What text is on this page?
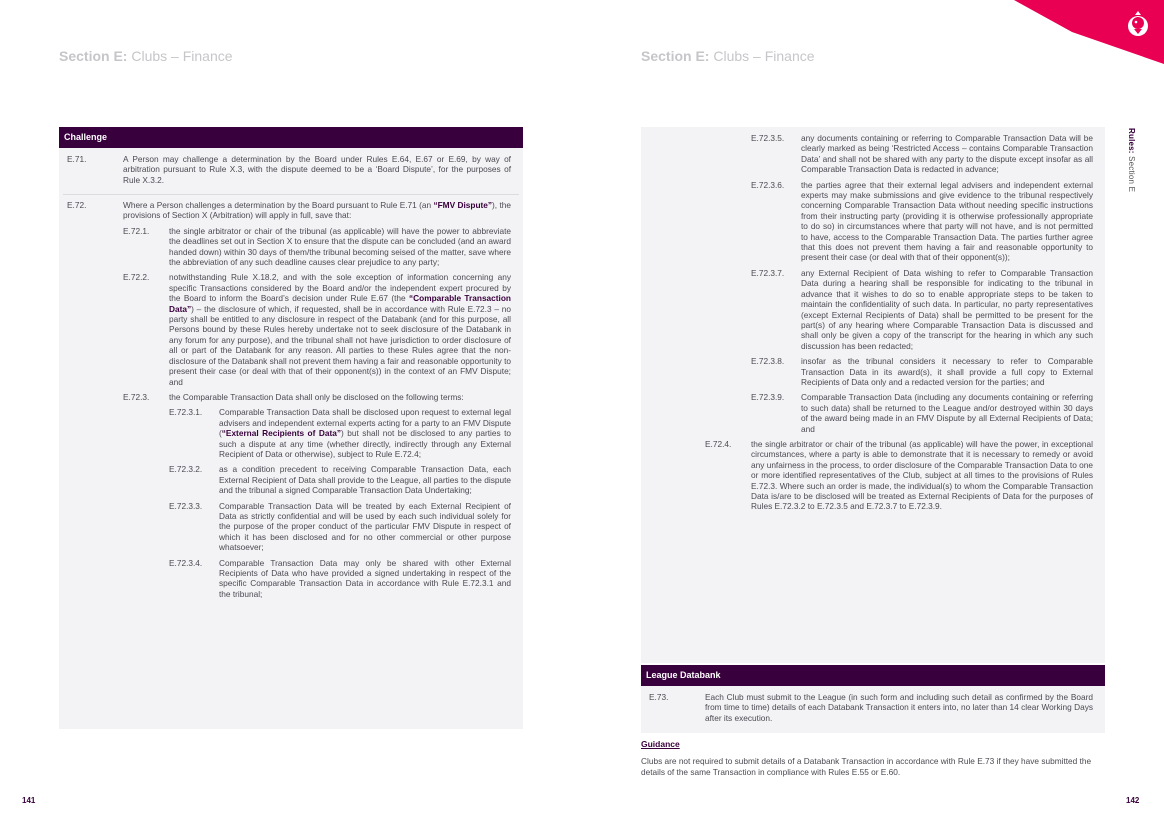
Section E: Clubs – Finance	Section E: Clubs – Finance
Rules: Section E
Challenge
E.71.	A Person may challenge a determination by the Board under Rules E.64, E.67 or E.69, by way of arbitration pursuant to Rule X.3, with the dispute deemed to be a ‘Board Dispute’, for the purposes of Rule X.3.2.
E.72.	Where a Person challenges a determination by the Board pursuant to Rule E.71 (an “FMV Dispute”), the provisions of Section X (Arbitration) will apply in full, save that:
E.72.1. the single arbitrator or chair of the tribunal (as applicable) will have the power to abbreviate the deadlines set out in Section X to ensure that the dispute can be concluded (and an award handed down) within 30 days of them/the tribunal becoming seised of the matter, save where the abbreviation of any such deadline causes clear prejudice to any party;
E.72.2. notwithstanding Rule X.18.2, and with the sole exception of information concerning any specific Transactions considered by the Board and/or the independent expert procured by the Board to inform the Board’s decision under Rule E.67 (the “Comparable Transaction Data”) – the disclosure of which, if requested, shall be in accordance with Rule E.72.3 – no party shall be entitled to any disclosure in respect of the Databank (and for this purpose, all Persons bound by these Rules hereby undertake not to seek disclosure of the Databank in any forum for any purpose), and the tribunal shall not have jurisdiction to order disclosure of all or part of the Databank for any reason. All parties to these Rules agree that the non-disclosure of the Databank shall not prevent them having a fair and reasonable opportunity to present their case (or deal with that of their opponent(s)) in the context of an FMV Dispute; and
E.72.3. the Comparable Transaction Data shall only be disclosed on the following terms:
E.72.3.1. Comparable Transaction Data shall be disclosed upon request to external legal advisers and independent external experts acting for a party to an FMV Dispute (“External Recipients of Data”) but shall not be disclosed to any parties to such a dispute at any time (whether directly, indirectly through any External Recipient of Data or otherwise), subject to Rule E.72.4;
E.72.3.2. as a condition precedent to receiving Comparable Transaction Data, each External Recipient of Data shall provide to the League, all parties to the dispute and the tribunal a signed Comparable Transaction Data Undertaking;
E.72.3.3. Comparable Transaction Data will be treated by each External Recipient of Data as strictly confidential and will be used by each such individual solely for the purpose of the proper conduct of the particular FMV Dispute in respect of which it has been disclosed and for no other commercial or other purpose whatsoever;
E.72.3.4. Comparable Transaction Data may only be shared with other External Recipients of Data who have provided a signed undertaking in respect of the specific Comparable Transaction Data in accordance with Rule E.72.3.1 and the tribunal;
E.72.3.5. any documents containing or referring to Comparable Transaction Data will be clearly marked as being ‘Restricted Access – contains Comparable Transaction Data’ and shall not be shared with any party to the dispute except insofar as all Comparable Transaction Data is redacted in advance;
E.72.3.6. the parties agree that their external legal advisers and independent external experts may make submissions and give evidence to the tribunal respectively concerning Comparable Transaction Data without needing specific instructions from their instructing party (providing it is otherwise professionally appropriate to do so) in circumstances where that party will not have, and is not permitted to have, access to the Comparable Transaction Data. The parties further agree that this does not prevent them having a fair and reasonable opportunity to present their case (or deal with that of their opponent(s));
E.72.3.7. any External Recipient of Data wishing to refer to Comparable Transaction Data during a hearing shall be responsible for indicating to the tribunal in advance that it wishes to do so to enable appropriate steps to be taken to maintain the confidentiality of such data. In particular, no party representatives (except External Recipients of Data) shall be permitted to be present for the part(s) of any hearing where Comparable Transaction Data is discussed and shall only be given a copy of the transcript for the hearing in which any such discussion has been redacted;
E.72.3.8. insofar as the tribunal considers it necessary to refer to Comparable Transaction Data in its award(s), it shall provide a full copy to External Recipients of Data only and a redacted version for the parties; and
E.72.3.9. Comparable Transaction Data (including any documents containing or referring to such data) shall be returned to the League and/or destroyed within 30 days of the award being made in an FMV Dispute by all External Recipients of Data; and
E.72.4. the single arbitrator or chair of the tribunal (as applicable) will have the power, in exceptional circumstances, where a party is able to demonstrate that it is necessary to remedy or avoid any unfairness in the process, to order disclosure of the Comparable Transaction Data to one or more identified representatives of the Club, subject at all times to the provisions of Rules E.72.3. Where such an order is made, the individual(s) to whom the Comparable Transaction Data is/are to be disclosed will be treated as External Recipients of Data for the purposes of Rules E.72.3.2 to E.72.3.5 and E.72.3.7 to E.72.3.9.
League Databank
E.73.	Each Club must submit to the League (in such form and including such detail as confirmed by the Board from time to time) details of each Databank Transaction it enters into, no later than 14 clear Working Days after its execution.
Guidance
Clubs are not required to submit details of a Databank Transaction in accordance with Rule E.73 if they have submitted the details of the same Transaction in compliance with Rules E.55 or E.60.
141	142
